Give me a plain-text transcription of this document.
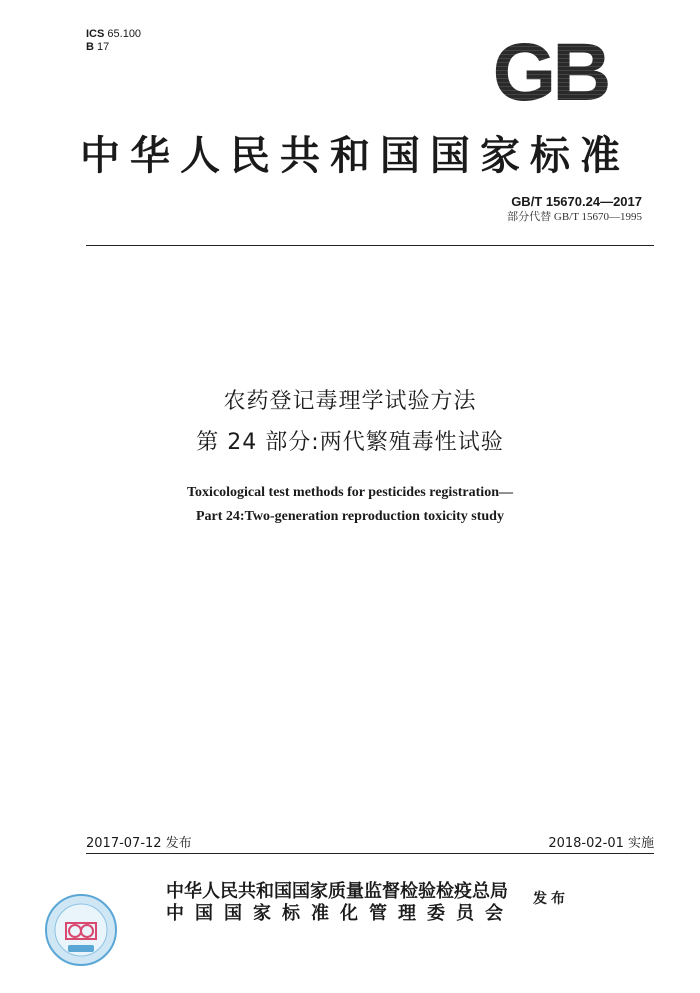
ICS 65.100
B 17	GB
中华人民共和国国家标准
GB/T 15670.24—2017
部分代替 GB/T 15670—1995
农药登记毒理学试验方法
第 24 部分:两代繁殖毒性试验
Toxicological test methods for pesticides registration—
Part 24:Two-generation reproduction toxicity study
2017-07-12 发布	2018-02-01 实施
中华人民共和国国家质量监督检验检疫总局
中国国家标准化管理委员会
发布
